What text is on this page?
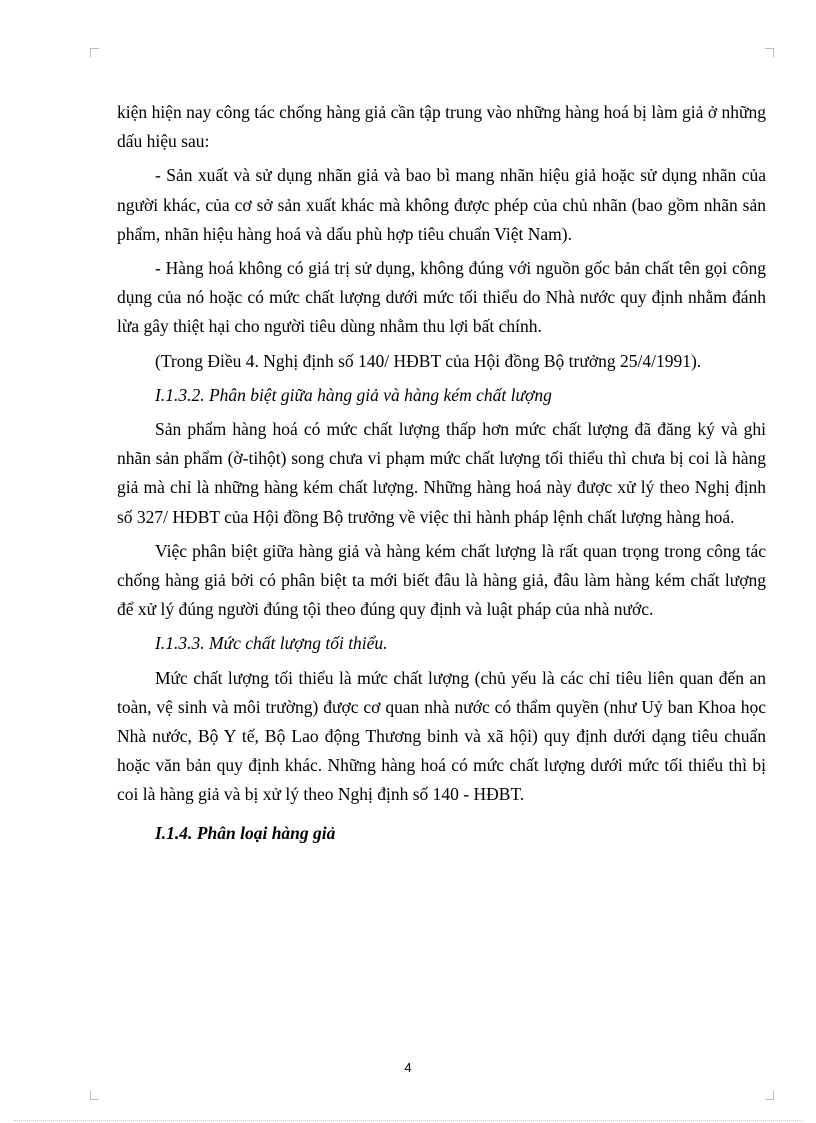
kiện hiện nay công tác chống hàng giả cần tập trung vào những hàng hoá bị làm giả ở những dấu hiệu sau:

- Sản xuất và sử dụng nhãn giả và bao bì mang nhãn hiệu giả hoặc sử dụng nhãn của người khác, của cơ sở sản xuất khác mà không được phép của chủ nhãn (bao gồm nhãn sản phẩm, nhãn hiệu hàng hoá và dấu phù hợp tiêu chuẩn Việt Nam).

- Hàng hoá không có giá trị sử dụng, không đúng với nguồn gốc bản chất tên gọi công dụng của nó hoặc có mức chất lượng dưới mức tối thiểu do Nhà nước quy định nhằm đánh lừa gây thiệt hại cho người tiêu dùng nhằm thu lợi bất chính.

(Trong Điều 4. Nghị định số 140/ HĐBT của Hội đồng Bộ trưởng 25/4/1991).

I.1.3.2. Phân biệt giữa hàng giả và hàng kém chất lượng

Sản phẩm hàng hoá có mức chất lượng thấp hơn mức chất lượng đã đăng ký và ghi nhãn sản phẩm (ờ-tihột) song chưa vi phạm mức chất lượng tối thiểu thì chưa bị coi là hàng giả mà chỉ là những hàng kém chất lượng. Những hàng hoá này được xử lý theo Nghị định số 327/ HĐBT của Hội đồng Bộ trưởng về việc thi hành pháp lệnh chất lượng hàng hoá.

Việc phân biệt giữa hàng giả và hàng kém chất lượng là rất quan trọng trong công tác chống hàng giả bởi có phân biệt ta mới biết đâu là hàng giả, đâu làm hàng kém chất lượng để xử lý đúng người đúng tội theo đúng quy định và luật pháp của nhà nước.

I.1.3.3. Mức chất lượng tối thiểu.

Mức chất lượng tối thiểu là mức chất lượng (chủ yếu là các chỉ tiêu liên quan đến an toàn, vệ sinh và môi trường) được cơ quan nhà nước có thẩm quyền (như Uỷ ban Khoa học Nhà nước, Bộ Y tế, Bộ Lao động Thương binh và xã hội) quy định dưới dạng tiêu chuẩn hoặc văn bản quy định khác. Những hàng hoá có mức chất lượng dưới mức tối thiểu thì bị coi là hàng giả và bị xử lý theo Nghị định số 140 - HĐBT.

I.1.4. Phân loại hàng giả

4
